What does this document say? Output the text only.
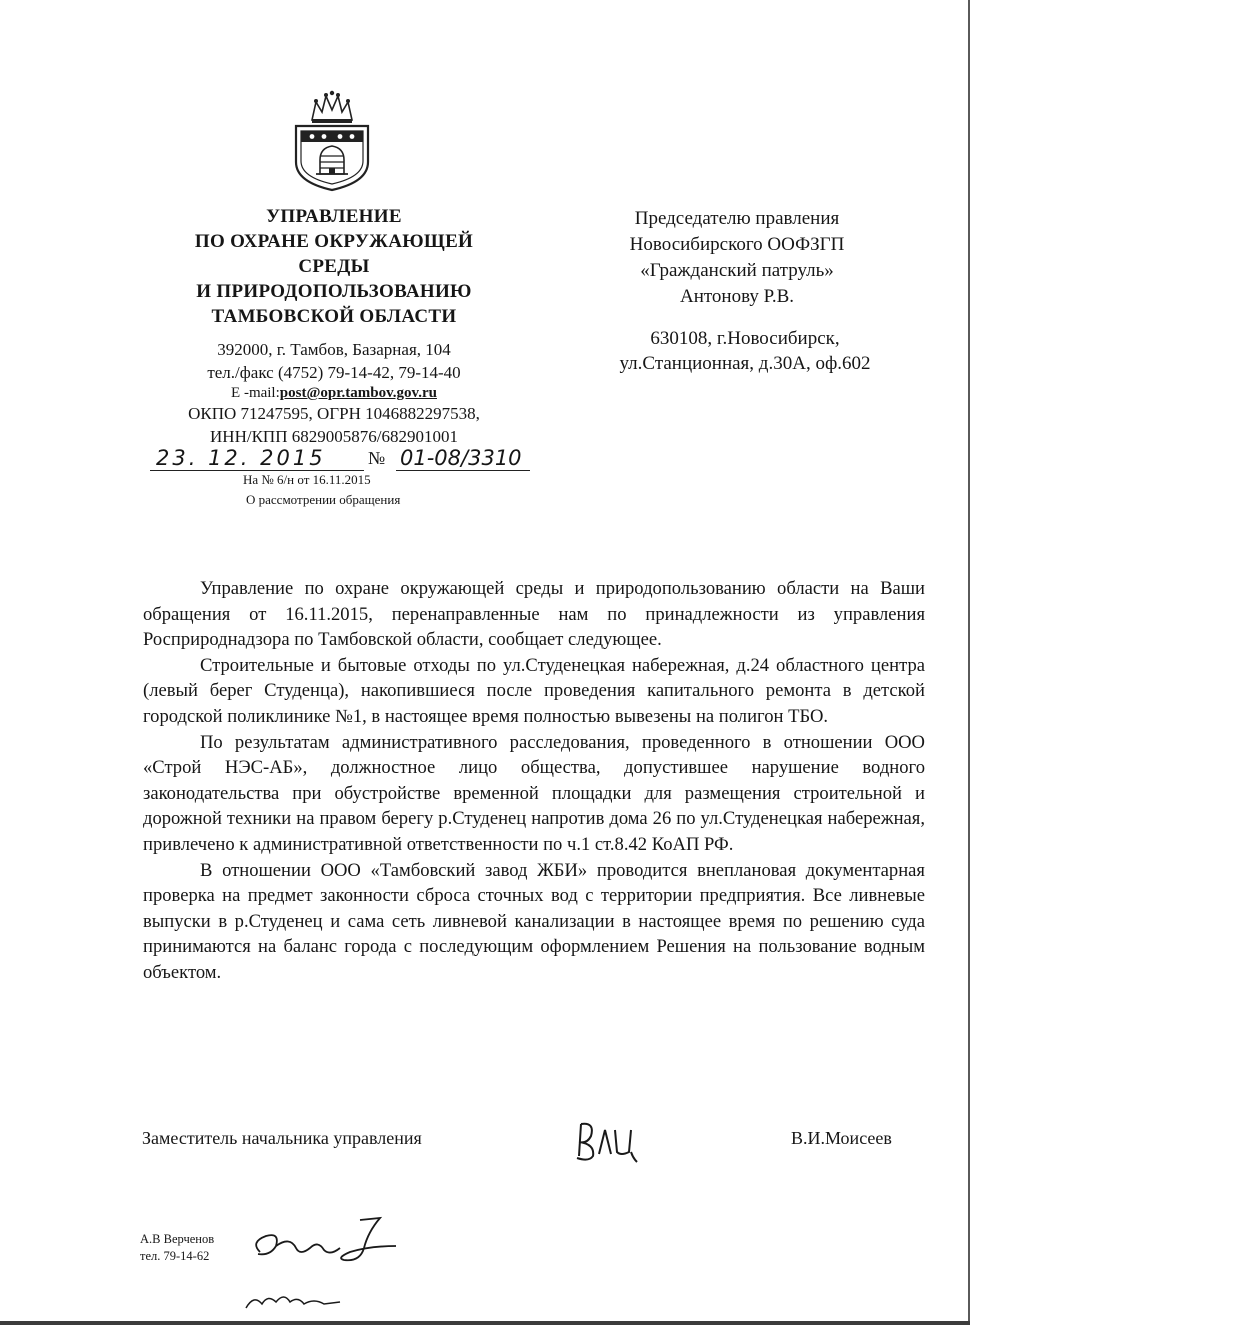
УПРАВЛЕНИЕ
ПО ОХРАНЕ ОКРУЖАЮЩЕЙ
СРЕДЫ
И ПРИРОДОПОЛЬЗОВАНИЮ
ТАМБОВСКОЙ ОБЛАСТИ
392000, г. Тамбов, Базарная, 104
тел./факс (4752) 79-14-42, 79-14-40
E -mail:post@opr.tambov.gov.ru
ОКПО 71247595, ОГРН 1046882297538,
ИНН/КПП 6829005876/682901001
23. 12. 2015 № 01-08/3310
На № 6/н от 16.11.2015
О рассмотрении обращения
Председателю правления
Новосибирского ООФЗГП
«Гражданский патруль»
Антонову Р.В.
630108, г.Новосибирск,
ул.Станционная, д.30А, оф.602

Управление по охране окружающей среды и природопользованию области на Ваши обращения от 16.11.2015, перенаправленные нам по принадлежности из управления Росприроднадзора по Тамбовской области, сообщает следующее.

Строительные и бытовые отходы по ул.Студенецкая набережная, д.24 областного центра (левый берег Студенца), накопившиеся после проведения капитального ремонта в детской городской поликлинике №1, в настоящее время полностью вывезены на полигон ТБО.

По результатам административного расследования, проведенного в отношении ООО «Строй НЭС-АБ», должностное лицо общества, допустившее нарушение водного законодательства при обустройстве временной площадки для размещения строительной и дорожной техники на правом берегу р.Студенец напротив дома 26 по ул.Студенецкая набережная, привлечено к административной ответственности по ч.1 ст.8.42 КоАП РФ.

В отношении ООО «Тамбовский завод ЖБИ» проводится внеплановая документарная проверка на предмет законности сброса сточных вод с территории предприятия. Все ливневые выпуски в р.Студенец и сама сеть ливневой канализации в настоящее время по решению суда принимаются на баланс города с последующим оформлением Решения на пользование водным объектом.

Заместитель начальника управления	В.И.Моисеев
А.В Верченов
тел. 79-14-62
